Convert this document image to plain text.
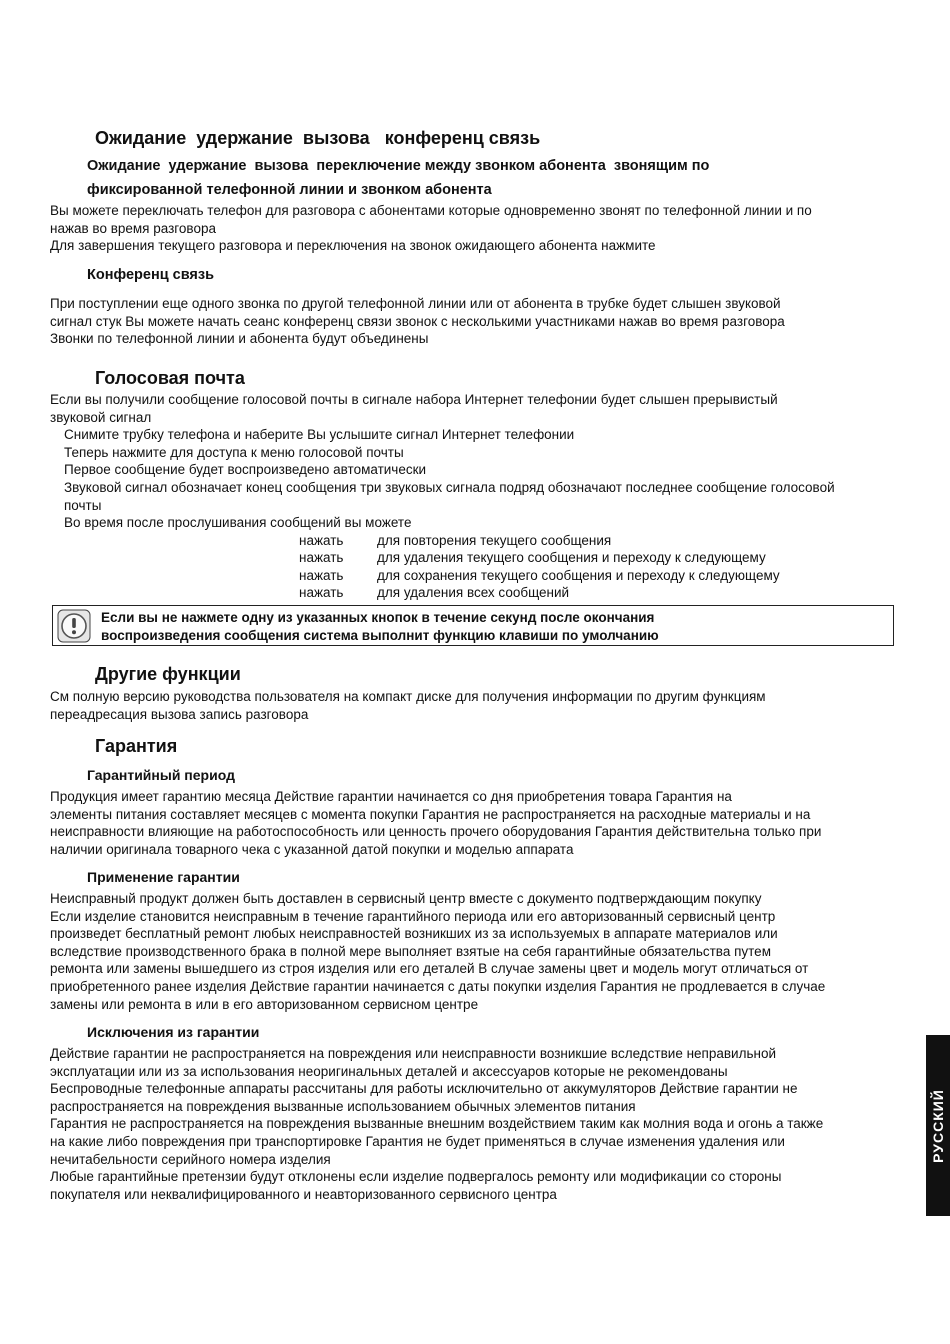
Ожидание  удержание  вызова   конференц связь
Ожидание  удержание  вызова  переключение между звонком абонента  звонящим по
фиксированной телефонной линии и звонком абонента

Вы можете переключать телефон для разговора с абонентами которые одновременно звонят по телефонной линии и по
нажав во время разговора

Для завершения текущего разговора и переключения на звонок ожидающего абонента нажмите

Конференц связь

При поступлении еще одного звонка по другой телефонной линии или от абонента в трубке будет слышен звуковой
сигнал стук Вы можете начать сеанс конференц связи звонок с несколькими участниками нажав во время разговора
Звонки по телефонной линии и абонента будут объединены

Голосовая почта

Если вы получили сообщение голосовой почты в сигнале набора Интернет телефонии будет слышен прерывистый
звуковой сигнал

Снимите трубку телефона и наберите Вы услышите сигнал Интернет телефонии

Теперь нажмите для доступа к меню голосовой почты

Первое сообщение будет воспроизведено автоматически

Звуковой сигнал обозначает конец сообщения три звуковых сигнала подряд обозначают последнее сообщение голосовой
почты

Во время после прослушивания сообщений вы можете

нажать для повторения текущего сообщения
нажать для удаления текущего сообщения и переходу к следующему
нажать для сохранения текущего сообщения и переходу к следующему
нажать для удаления всех сообщений
Если вы не нажмете одну из указанных кнопок в течение секунд после окончания
воспроизведения сообщения система выполнит функцию клавиши по умолчанию
Другие функции

См полную версию руководства пользователя на компакт диске для получения информации по другим функциям
переадресация вызова запись разговора

Гарантия
Гарантийный период

Продукция имеет гарантию месяца Действие гарантии начинается со дня приобретения товара Гарантия на
элементы питания составляет месяцев с момента покупки Гарантия не распространяется на расходные материалы и на
неисправности влияющие на работоспособность или ценность прочего оборудования Гарантия действительна только при
наличии оригинала товарного чека с указанной датой покупки и моделью аппарата

Применение гарантии

Неисправный продукт должен быть доставлен в сервисный центр вместе с документо подтверждающим покупку
Если изделие становится неисправным в течение гарантийного периода или его авторизованный сервисный центр
произведет бесплатный ремонт любых неисправностей возникших из за используемых в аппарате материалов или
вследствие производственного брака в полной мере выполняет взятые на себя гарантийные обязательства путем
ремонта или замены вышедшего из строя изделия или его деталей В случае замены цвет и модель могут отличаться от
приобретенного ранее изделия Действие гарантии начинается с даты покупки изделия Гарантия не продлевается в случае
замены или ремонта в или в его авторизованном сервисном центре

Исключения из гарантии

Действие гарантии не распространяется на повреждения или неисправности возникшие вследствие неправильной
эксплуатации или из за использования неоригинальных деталей и аксессуаров которые не рекомендованы
Беспроводные телефонные аппараты рассчитаны для работы исключительно от аккумуляторов Действие гарантии не
распространяется на повреждения вызванные использованием обычных элементов питания
Гарантия не распространяется на повреждения вызванные внешним воздействием таким как молния вода и огонь а также
на какие либо повреждения при транспортировке Гарантия не будет применяться в случае изменения удаления или
нечитабельности серийного номера изделия
Любые гарантийные претензии будут отклонены если изделие подвергалось ремонту или модификации со стороны
покупателя или неквалифицированного и неавторизованного сервисного центра

РУССКИЙ
